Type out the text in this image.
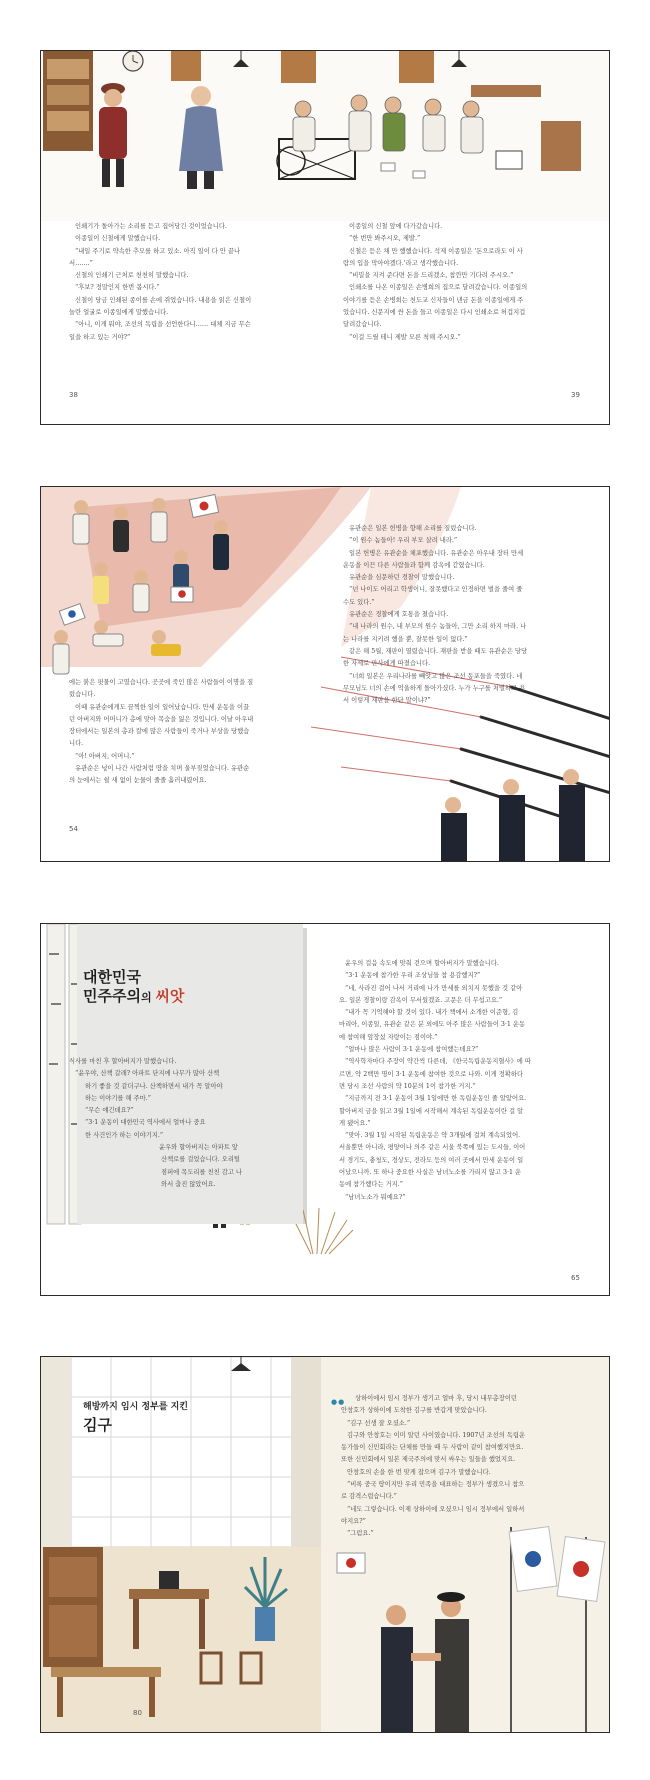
인쇄기가 돌아가는 소리를 듣고 집어당긴 것이었습니다.

이종일이 신철에게 말했습니다.

“내일 주기로 약속한 추모를 하고 있소. 아직 일이 다 안 끝나

서…….”

신철의 인쇄기 근처로 천천히 말했습니다.

“후보? 정말인지 한번 봅시다.”

신철이 당금 인쇄된 종이를 손에 쥐었습니다. 내용을 읽은 신철이

놀란 얼굴로 이종일에게 말했습니다.

“아니, 이게 뭐야, 조선의 독립을 선언한다니…… 대체 지금 무슨

일을 하고 있는 거야?”

이종일의 신철 앞에 다가갔습니다.

“한 번만 봐주시오, 제발.”

신철은 듣은 채 만 했했습니다. 석제 이종일은 '돈으로라도 이 사

람의 입을 막아야겠다.'라고 생각했습니다.

“비밀을 지켜 준다면 돈을 드리겠소, 참깐만 기다려 주시오.”

인쇄소를 나온 이종일은 손병희의 집으로 달려갔습니다. 이종일의

이야기를 듣은 손병희는 천도교 신자들이 낸금 돈을 이종일에게 주

었습니다. 신문지에 싼 돈을 들고 이종일은 다시 인쇄소로 허겁지겁

달려갔습니다.

“이걸 드릴 테니 제발 모른 척해 주시오.”

38	39

유관순은 일본 헌병을 향해 소리를 질렀습니다.

“이 원수 놈들아! 우리 부모 살려 내라.”

일본 헌병은 유관순을 체포했습니다. 유관순은 아우내 장터 만세

운동을 이끈 다른 사람들과 함께 감옥에 갇혔습니다.

유관순을 심문하던 경찰이 말했습니다.

“넌 나이도 어리고 학생이니, 잘못했다고 인정하면 벌을 줄여 줄

수도 있다.”

유관순은 경찰에게 호통을 쳤습니다.

“내 나라의 원수, 내 부모의 원수 놈들아, 그만 소리 하지 마라. 나

는 나라를 지키려 했을 뿐, 잘못한 일이 없다.”

같은 해 5월, 재판이 열렸습니다. 재판을 받을 때도 유관순은 당당

한 자세로 판사에게 따졌습니다.

“너희 일본은 우리나라를 빼앗고 많은 조선 동포들을 죽였다. 네

무모님도 너의 손에 억울하게 돌아가셨다. 누가 누구를 처벌하고 용

서 이렇게 재판을 한단 말이냐?”

에는 붉은 핏물이 고였습니다. 곳곳에 죽인 많은 사람들이 이명을 질

렀습니다.

이때 유관순에게도 끔찍한 일이 일어났습니다. 만세 운동을 이끌

던 아버지와 어머니가 총에 맞아 목숨을 잃은 것입니다. 이날 아우내

장터에서는 일본의 총과 칼에 많은 사람들이 죽거나 부상을 당했습

니다.

“아! 아버지, 어머니.”

유관순은 넋이 나간 사람처럼 땅을 치며 울부짖었습니다. 유관순

의 눈에서는 쉴 새 없이 눈물이 줄줄 흘러내렸어요.

54
대한민국
민주주의의 씨앗

식사를 마친 후 할아버지가 말했습니다.

“윤우야, 산책 갈래? 아파트 단지에 나무가 많아 산책

하기 좋을 것 같더구나. 산책하면서 내가 꼭 알아야

하는 이야기를 해 주마.”

“무슨 얘긴데요?”

“3·1 운동이 대한민국 역사에서 얼마나 중요

한 사건인가 하는 이야기지.”

윤우와 할아버지는 아파트 앞

산책로를 걸었습니다. 오리털

점퍼에 목도리를 친친 감고 나

와서 춥진 않았어요.

윤우의 걸음 속도에 맞춰 걷으며 할아버지가 말했습니다.

“3·1 운동에 참가한 우리 조상님들 참 용감했지?”

“네, 사라진 걸어 나서 거리에 나가 만세를 외치지 못했을 것 같아

요. 일본 경찰이랑 감옥이 무서웠겠죠. 고문은 더 무섭고요.”

“내가 꼭 기억해야 할 것이 있다. 내가 책에서 소개한 이준형, 김

마리아, 이종일, 유관순 같은 분 외에도 아주 많은 사람들이 3·1 운동

에 참여해 앞장섰 자랑이는 점이야.”

“얼마나 많은 사람이 3·1 운동에 참여했는데요?”

“역사학자마다 주장이 약간씩 다른데, 《한국독립운동지혈사》에 따

르면, 약 2백만 명이 3·1 운동에 참여한 것으로 나와. 이게 정확하다

면 당시 조선 사람의 약 10분의 1이 참가한 거지.”

“지금까지 전 3·1 운동이 3월 1일에만 한 독립운동인 줄 알았어요.

할아버지 금을 읽고 3월 1일에 시작해서 계속된 독립운동이란 걸 알

게 됐어요.”

“맞아. 3월 1일 시작된 독립운동은 약 3개월에 걸쳐 계속되었어.

서울뿐만 아니라, 평양이나 의주 같은 서울 북쪽에 있는 도시들, 이어

서 경기도, 충청도, 경상도, 전라도 등의 여러 곳에서 만세 운동이 일

어났으니까. 또 하나 중요한 사실은 남녀노소를 가리지 않고 3·1 운

동에 참가했다는 거지.”

“남녀노소가 뭐예요?”

65
해방까지 임시 정부를 지킨
김구
●●	상하이에서 임시 정부가 생기고 얼마 후, 당시 내무총장이던

안창호가 상하이에 도착한 김구를 반갑게 맞았습니다.

“김구 선생 잘 오셨소.”

김구와 안창호는 이미 알던 사이였습니다. 1907년 조선의 독립운

동가들이 신민회라는 단체를 만들 때 두 사람이 같이 참여했지만요.

또한 신민회에서 일본 제국주의에 맞서 싸우는 일들을 했었지요.

안창호의 손을 한 번 맞게 잡으며 김구가 말했습니다.

“비록 중국 땅이지만 우리 민족을 대표하는 정부가 생겼으니 참으

로 감격스럽습니다.”

“네도 그렇습니다. 이제 상하이에 오셨으니 임시 정부에서 일하셔

야지요?”

“그럼요.”

80
